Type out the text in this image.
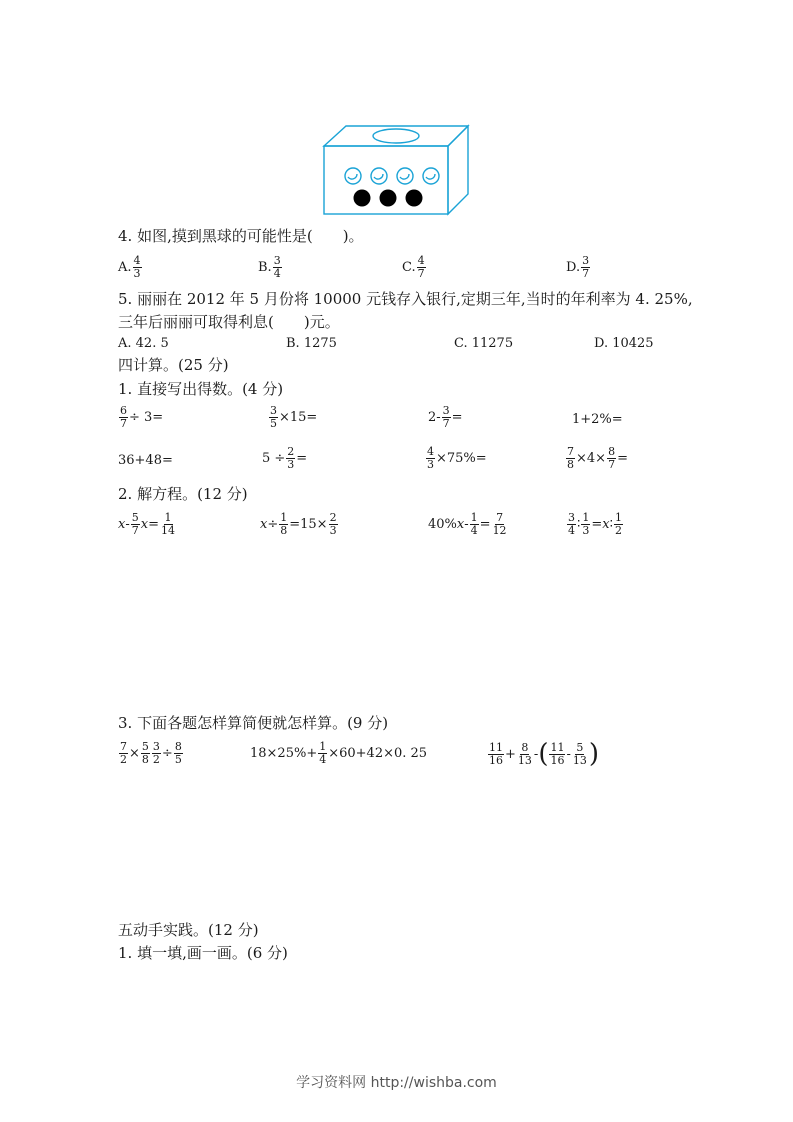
4. 如图,摸到黑球的可能性是(　　)。
A. $\frac{4}{3}$	B. $\frac{3}{4}$	C. $\frac{4}{7}$	D. $\frac{3}{7}$
5. 丽丽在 2012 年 5 月份将 10000 元钱存入银行,定期三年,当时的年利率为 4. 25%,
三年后丽丽可取得利息(　　)元。
A. 42. 5	B. 1275	C. 11275	D. 10425
四计算。(25 分)
1. 直接写出得数。(4 分)
$\frac{6}{7} \div 3=$	$\frac{3}{5} \times 15=$	$2- \frac{3}{7}$ =	1+2%=
36+48=	$5 \div \frac{2}{3}$ =	$\frac{4}{3} \times 75\%=$	$\frac{7}{8} \times 4\times \frac{8}{7}$ =
2. 解方程。(12 分)
x - $\frac{5}{7}$ $x = \frac{1}{14}$	$x \div \frac{1}{8} =15\times \frac{2}{3}$	40% $x - \frac{1}{4} = \frac{7}{12}$	$\frac{3}{4}$ ∶ $\frac{1}{3} = x$ ∶ $\frac{1}{2}$
3. 下面各题怎样算简便就怎样算。(9 分)
$\frac{7}{2} \times \frac{5}{8} \frac{3}{2} \div \frac{8}{5}$	$18\times 25\%+ \frac{1}{4} \times 60+42\times 0$. 25	$\frac{11}{16} + \frac{8}{13}$ - ( $\frac{11}{16} - \frac{5}{13}$ )
五动手实践。(12 分)
1. 填一填,画一画。(6 分)
学习资料网 http://wishba.com
